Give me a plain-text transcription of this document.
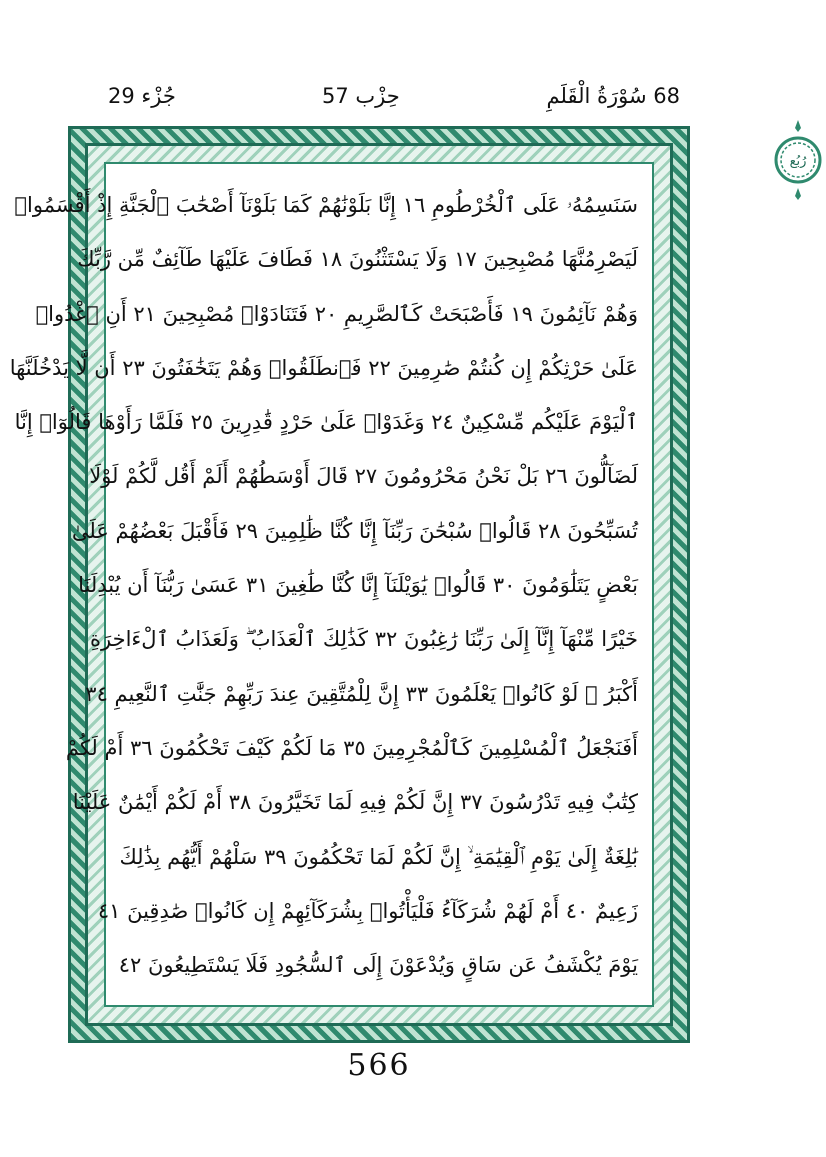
جُزْء 29	حِزْب 57	68 سُوْرَةُ الْقَلَمِ
سَنَسِمُهُۥ عَلَى ٱلْخُرْطُومِ ١٦ إِنَّا بَلَوْنَٰهُمْ كَمَا بَلَوْنَآ أَصْحَٰبَ ٱلْجَنَّةِ إِذْ أَقْسَمُوا۟
لَيَصْرِمُنَّهَا مُصْبِحِينَ ١٧ وَلَا يَسْتَثْنُونَ ١٨ فَطَافَ عَلَيْهَا طَآئِفٌ مِّن رَّبِّكَ
وَهُمْ نَآئِمُونَ ١٩ فَأَصْبَحَتْ كَٱلصَّرِيمِ ٢٠ فَتَنَادَوْا۟ مُصْبِحِينَ ٢١ أَنِ ٱغْدُوا۟
عَلَىٰ حَرْثِكُمْ إِن كُنتُمْ صَٰرِمِينَ ٢٢ فَٱنطَلَقُوا۟ وَهُمْ يَتَخَٰفَتُونَ ٢٣ أَن لَّا يَدْخُلَنَّهَا
ٱلْيَوْمَ عَلَيْكُم مِّسْكِينٌ ٢٤ وَغَدَوْا۟ عَلَىٰ حَرْدٍ قَٰدِرِينَ ٢٥ فَلَمَّا رَأَوْهَا قَالُوٓا۟ إِنَّا
لَضَآلُّونَ ٢٦ بَلْ نَحْنُ مَحْرُومُونَ ٢٧ قَالَ أَوْسَطُهُمْ أَلَمْ أَقُل لَّكُمْ لَوْلَا
تُسَبِّحُونَ ٢٨ قَالُوا۟ سُبْحَٰنَ رَبِّنَآ إِنَّا كُنَّا ظَٰلِمِينَ ٢٩ فَأَقْبَلَ بَعْضُهُمْ عَلَىٰ
بَعْضٍ يَتَلَٰوَمُونَ ٣٠ قَالُوا۟ يَٰوَيْلَنَآ إِنَّا كُنَّا طَٰغِينَ ٣١ عَسَىٰ رَبُّنَآ أَن يُبْدِلَنَا
خَيْرًا مِّنْهَآ إِنَّآ إِلَىٰ رَبِّنَا رَٰغِبُونَ ٣٢ كَذَٰلِكَ ٱلْعَذَابُ ۖ وَلَعَذَابُ ٱلْءَاخِرَةِ
أَكْبَرُ ۚ لَوْ كَانُوا۟ يَعْلَمُونَ ٣٣ إِنَّ لِلْمُتَّقِينَ عِندَ رَبِّهِمْ جَنَّٰتِ ٱلنَّعِيمِ ٣٤
أَفَنَجْعَلُ ٱلْمُسْلِمِينَ كَٱلْمُجْرِمِينَ ٣٥ مَا لَكُمْ كَيْفَ تَحْكُمُونَ ٣٦ أَمْ لَكُمْ
كِتَٰبٌ فِيهِ تَدْرُسُونَ ٣٧ إِنَّ لَكُمْ فِيهِ لَمَا تَخَيَّرُونَ ٣٨ أَمْ لَكُمْ أَيْمَٰنٌ عَلَيْنَا
بَٰلِغَةٌ إِلَىٰ يَوْمِ ٱلْقِيَٰمَةِ ۙ إِنَّ لَكُمْ لَمَا تَحْكُمُونَ ٣٩ سَلْهُمْ أَيُّهُم بِذَٰلِكَ
زَعِيمٌ ٤٠ أَمْ لَهُمْ شُرَكَآءُ فَلْيَأْتُوا۟ بِشُرَكَآئِهِمْ إِن كَانُوا۟ صَٰدِقِينَ ٤١
يَوْمَ يُكْشَفُ عَن سَاقٍ وَيُدْعَوْنَ إِلَى ٱلسُّجُودِ فَلَا يَسْتَطِيعُونَ ٤٢
رُبُع
566
